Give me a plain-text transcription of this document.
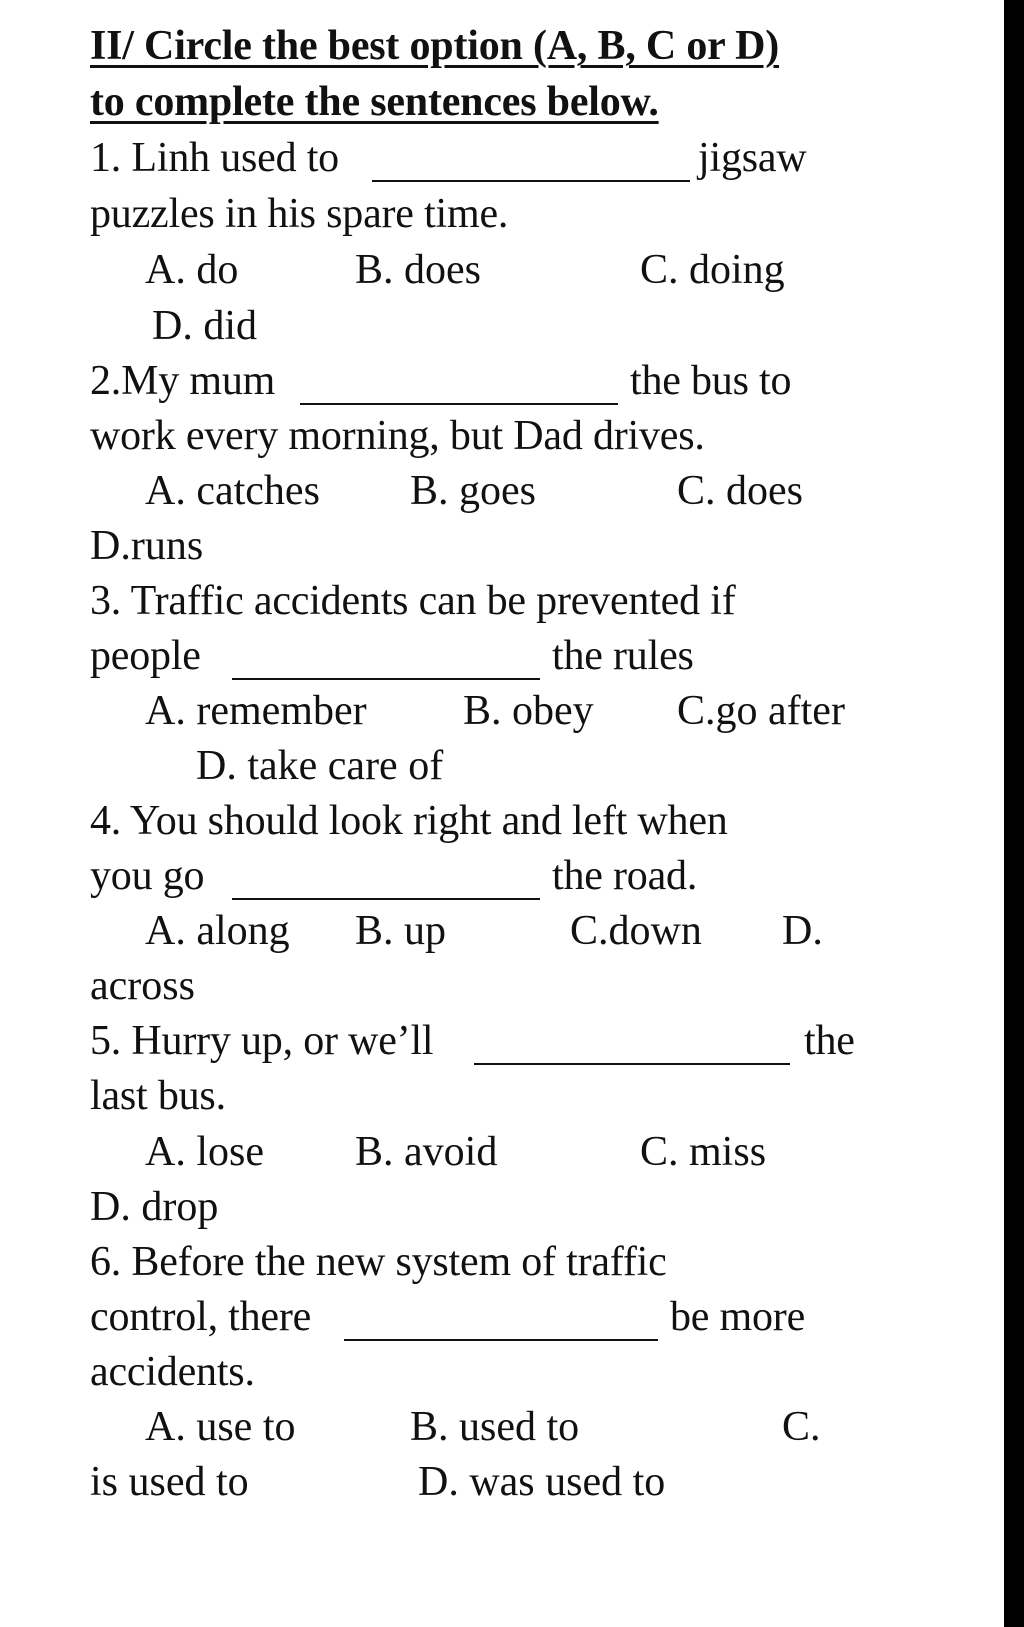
II/ Circle the best option (A, B, C or D)
to complete the sentences below.
1. Linh used to	jigsaw
puzzles in his spare time.
A. do	B. does	C. doing
D. did
2.My mum	the bus to
work every morning, but Dad drives.
A. catches B. goes	C. does
D.runs
3. Traffic accidents can be prevented if
people	the rules
A. remember B. obey C.go after
D. take care of
4. You should look right and left when
you go	the road.
A. along B. up	C.down D.
across
5. Hurry up, or we’ll	the
last bus.
A. lose B. avoid	C. miss
D. drop
6. Before the new system of traffic
control, there	be more
accidents.
A. use to	B. used to	C.
is used to	D. was used to
